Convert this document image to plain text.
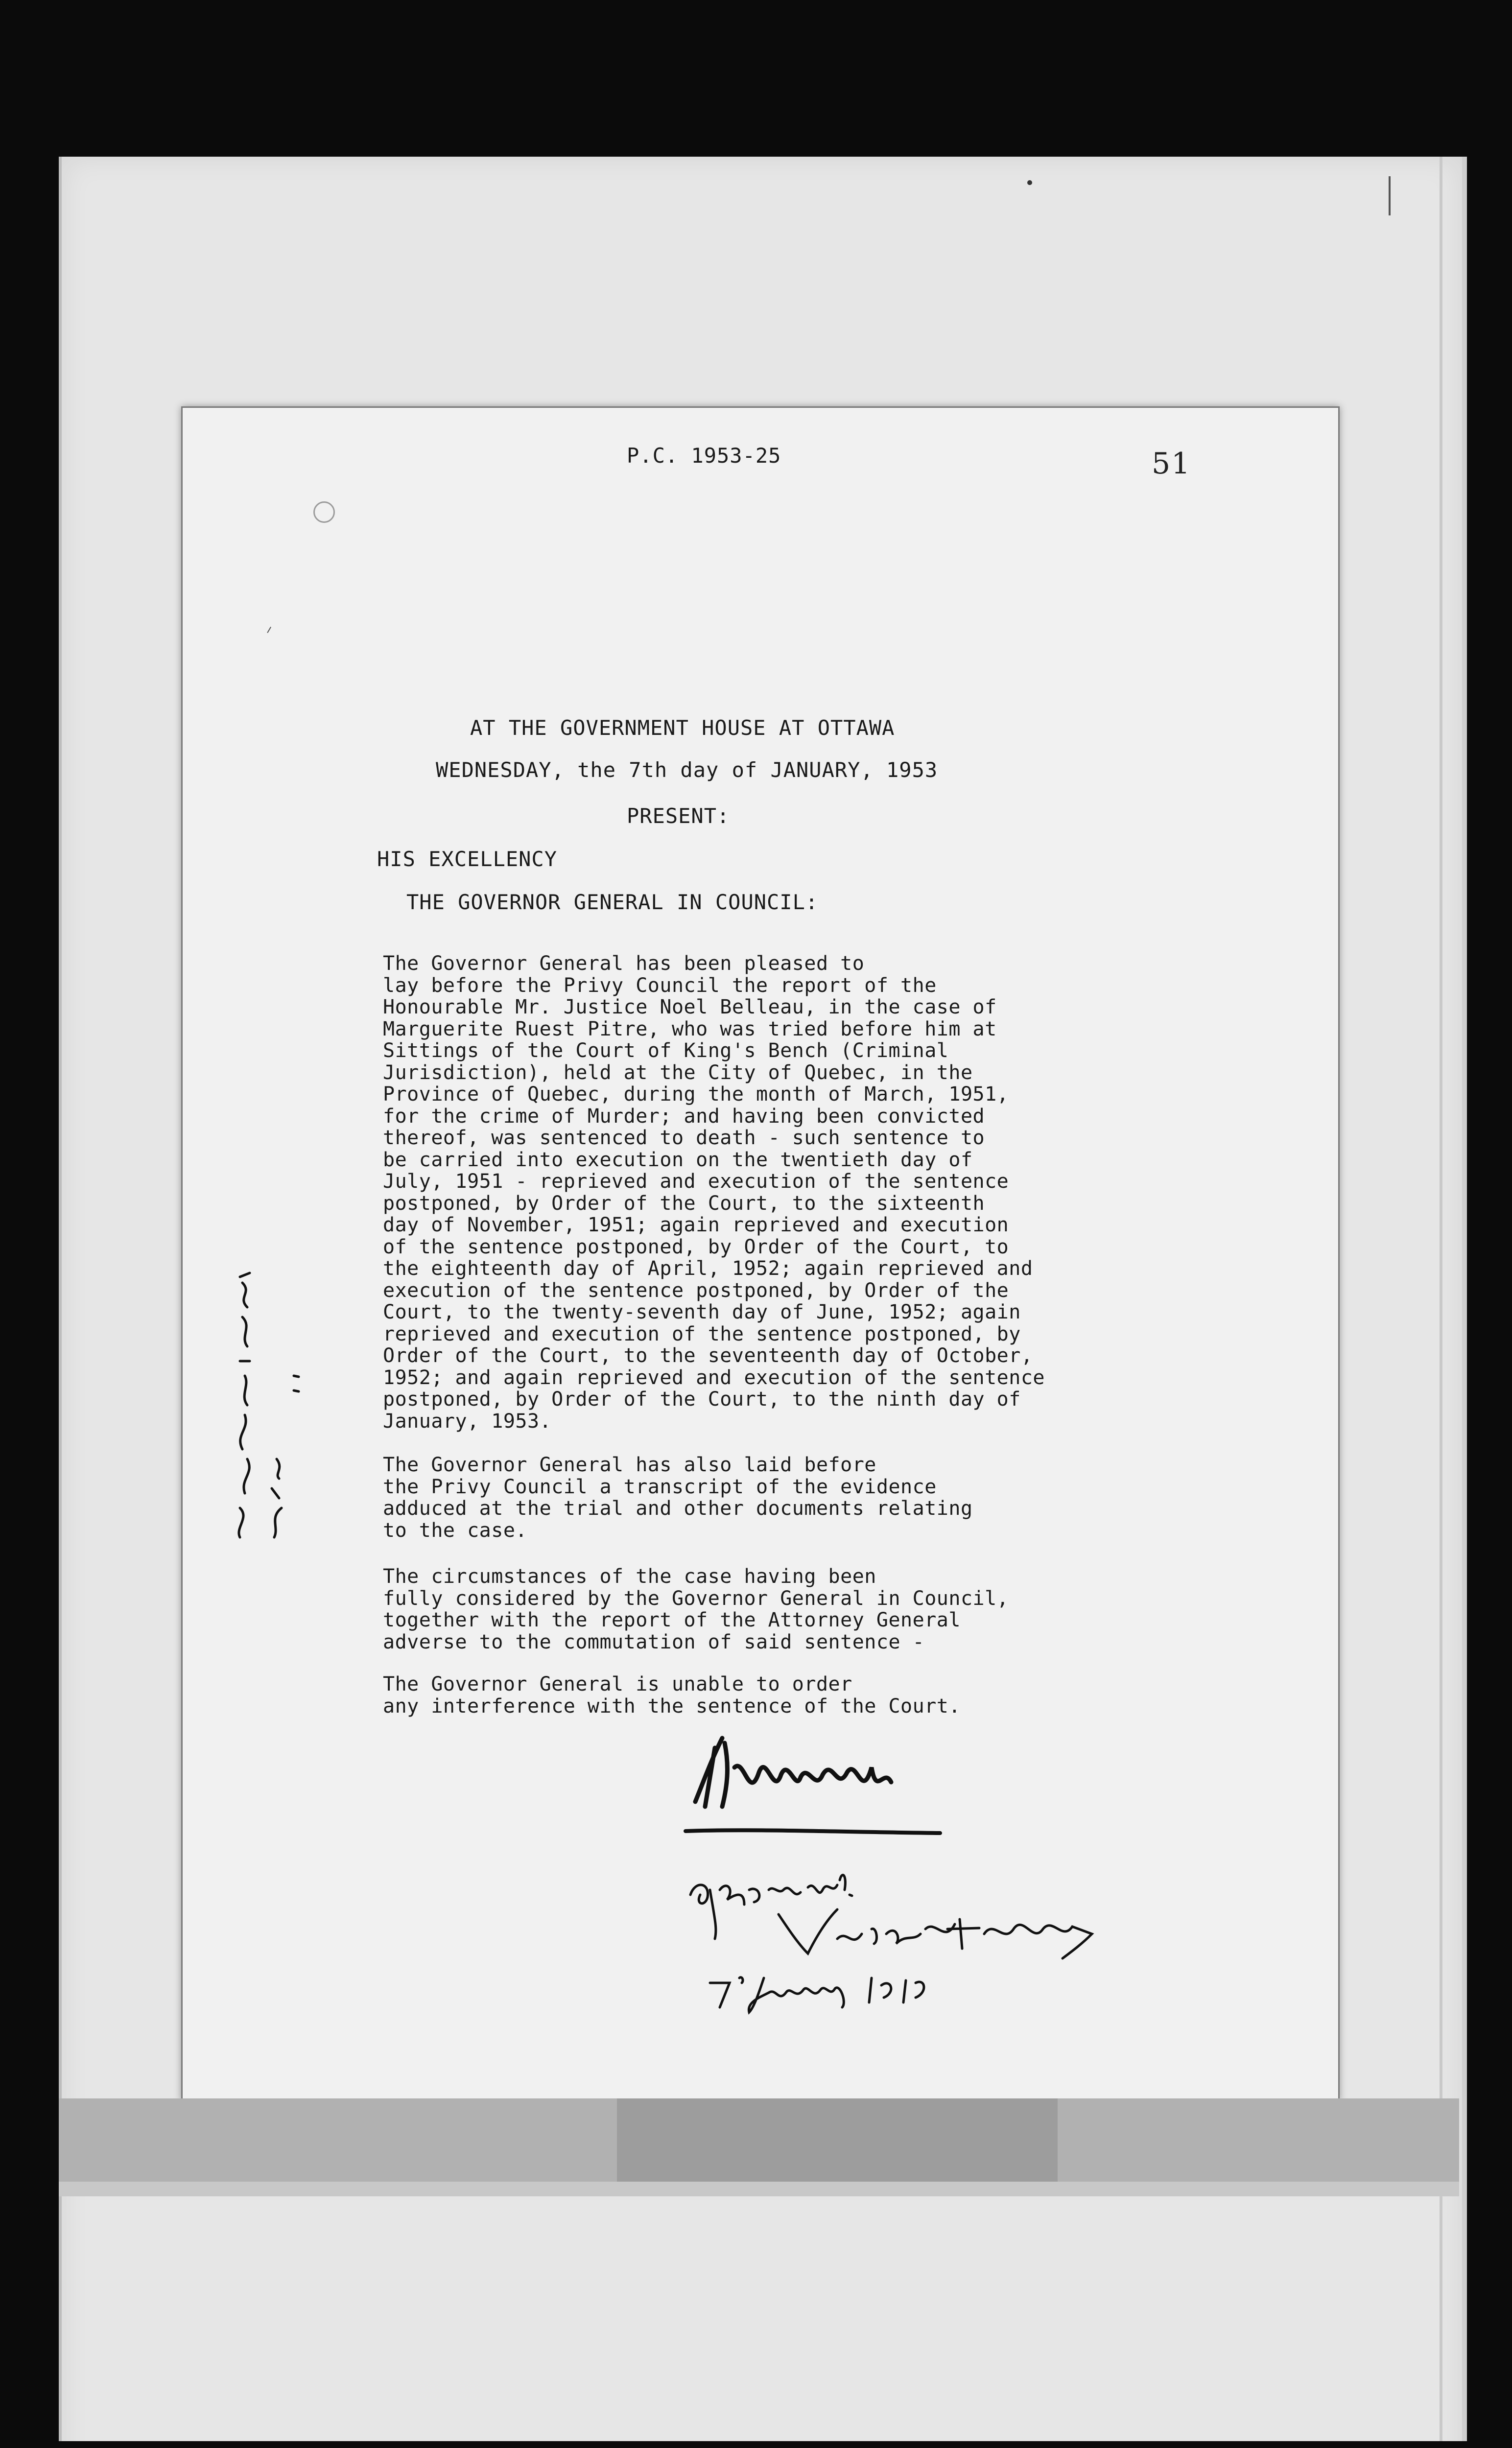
P.C. 1953-25	51
AT THE GOVERNMENT HOUSE AT OTTAWA
WEDNESDAY, the 7th day of JANUARY, 1953
PRESENT:
HIS EXCELLENCY
THE GOVERNOR GENERAL IN COUNCIL:
The Governor General has been pleased to
lay before the Privy Council the report of the
Honourable Mr. Justice Noel Belleau, in the case of
Marguerite Ruest Pitre, who was tried before him at
Sittings of the Court of King's Bench (Criminal
Jurisdiction), held at the City of Quebec, in the
Province of Quebec, during the month of March, 1951,
for the crime of Murder; and having been convicted
thereof, was sentenced to death - such sentence to
be carried into execution on the twentieth day of
July, 1951 - reprieved and execution of the sentence
postponed, by Order of the Court, to the sixteenth
day of November, 1951; again reprieved and execution
of the sentence postponed, by Order of the Court, to
the eighteenth day of April, 1952; again reprieved and
execution of the sentence postponed, by Order of the
Court, to the twenty-seventh day of June, 1952; again
reprieved and execution of the sentence postponed, by
Order of the Court, to the seventeenth day of October,
1952; and again reprieved and execution of the sentence
postponed, by Order of the Court, to the ninth day of
January, 1953.
The Governor General has also laid before
the Privy Council a transcript of the evidence
adduced at the trial and other documents relating
to the case.
The circumstances of the case having been
fully considered by the Governor General in Council,
together with the report of the Attorney General
adverse to the commutation of said sentence -
The Governor General is unable to order
any interference with the sentence of the Court.
